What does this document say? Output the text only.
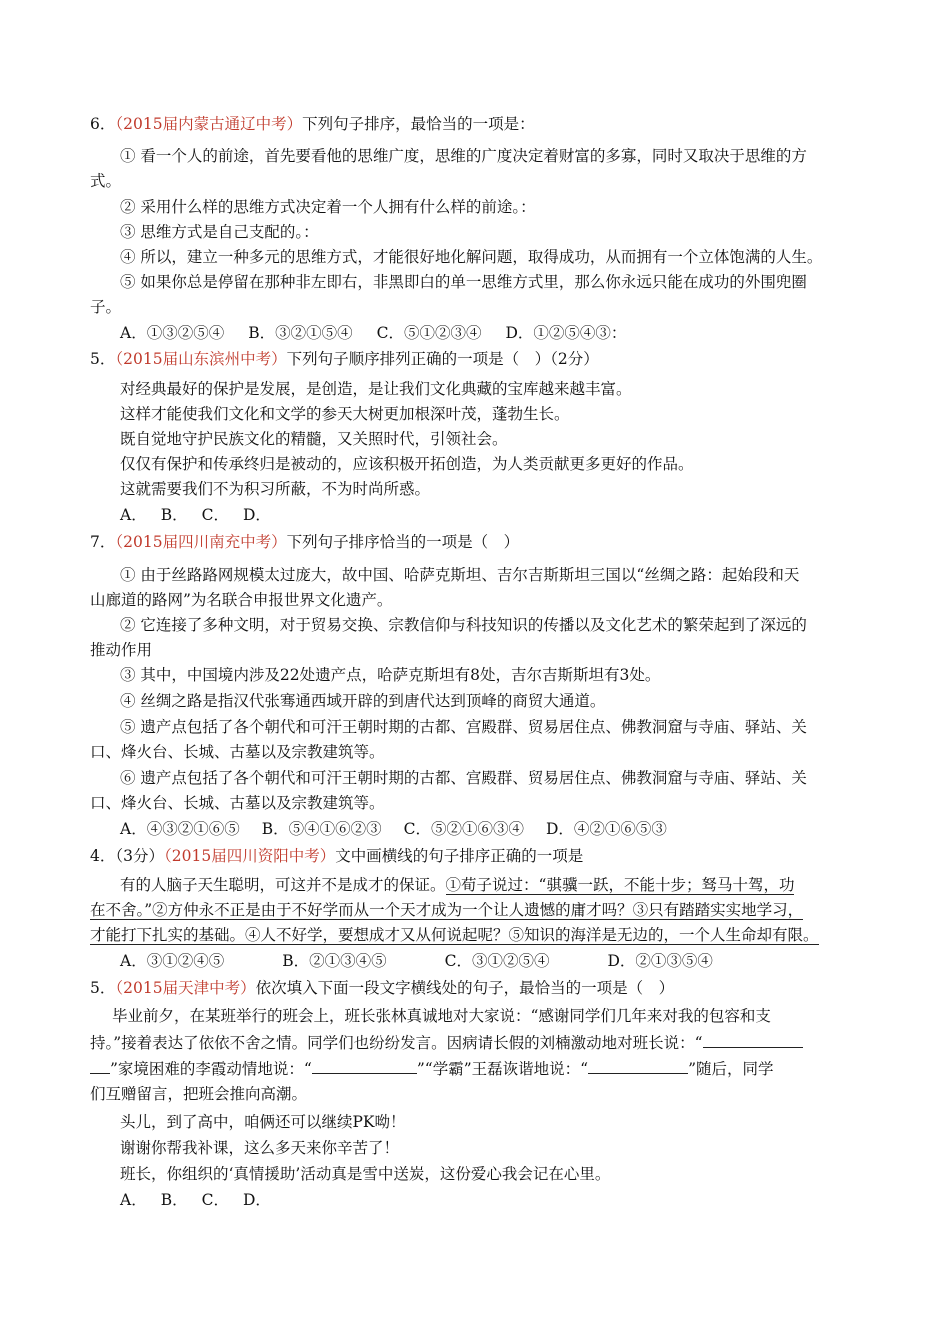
6．（2015届内蒙古通辽中考）下列句子排序，最恰当的一项是：
① 看一个人的前途，首先要看他的思维广度，思维的广度决定着财富的多寡，同时又取决于思维的方
式。
② 采用什么样的思维方式决定着一个人拥有什么样的前途。：
③ 思维方式是自己支配的。：
④ 所以，建立一种多元的思维方式，才能很好地化解问题，取得成功，从而拥有一个立体饱满的人生。
⑤ 如果你总是停留在那种非左即右，非黑即白的单一思维方式里，那么你永远只能在成功的外围兜圈
子。
A．①③②⑤④ B．③②①⑤④ C．⑤①②③④ D．①②⑤④③：
5．（2015届山东滨州中考）下列句子顺序排列正确的一项是（　）（2分）
对经典最好的保护是发展，是创造，是让我们文化典藏的宝库越来越丰富。
这样才能使我们文化和文学的参天大树更加根深叶茂，蓬勃生长。
既自觉地守护民族文化的精髓，又关照时代，引领社会。
仅仅有保护和传承终归是被动的，应该积极开拓创造，为人类贡献更多更好的作品。
这就需要我们不为积习所蔽，不为时尚所惑。
A． B． C． D．
7．（2015届四川南充中考）下列句子排序恰当的一项是（　）
① 由于丝路路网规模太过庞大，故中国、哈萨克斯坦、吉尔吉斯斯坦三国以“丝绸之路：起始段和天
山廊道的路网”为名联合申报世界文化遗产。
② 它连接了多种文明，对于贸易交换、宗教信仰与科技知识的传播以及文化艺术的繁荣起到了深远的
推动作用
③ 其中，中国境内涉及22处遗产点，哈萨克斯坦有8处，吉尔吉斯斯坦有3处。
④ 丝绸之路是指汉代张骞通西域开辟的到唐代达到顶峰的商贸大通道。
⑤ 遗产点包括了各个朝代和可汗王朝时期的古都、宫殿群、贸易居住点、佛教洞窟与寺庙、驿站、关
口、烽火台、长城、古墓以及宗教建筑等。
⑥ 遗产点包括了各个朝代和可汗王朝时期的古都、宫殿群、贸易居住点、佛教洞窟与寺庙、驿站、关
口、烽火台、长城、古墓以及宗教建筑等。
A．④③②①⑥⑤ B．⑤④①⑥②③ C．⑤②①⑥③④ D．④②①⑥⑤③
4．（3分）（2015届四川资阳中考）文中画横线的句子排序正确的一项是
有的人脑子天生聪明，可这并不是成才的保证。①荀子说过：“骐骥一跃，不能十步；驽马十驾，功
在不舍。”②方仲永不正是由于不好学而从一个天才成为一个让人遗憾的庸才吗？③只有踏踏实实地学习，
才能打下扎实的基础。④人不好学，要想成才又从何说起呢？⑤知识的海洋是无边的，一个人生命却有限。
A．③①②④⑤	B．②①③④⑤	C．③①②⑤④	D．②①③⑤④
5．（2015届天津中考）依次填入下面一段文字横线处的句子，最恰当的一项是（　）
毕业前夕，在某班举行的班会上，班长张林真诚地对大家说：“感谢同学们几年来对我的包容和支
持。”接着表达了依依不舍之情。同学们也纷纷发言。因病请长假的刘楠激动地对班长说：“
”家境困难的李霞动情地说：“	”“学霸”王磊诙谐地说：“	”随后，同学
们互赠留言，把班会推向高潮。
头儿，到了高中，咱俩还可以继续PK呦！
谢谢你帮我补课，这么多天来你辛苦了！
班长，你组织的‘真情援助’活动真是雪中送炭，这份爱心我会记在心里。
A． B． C． D．
